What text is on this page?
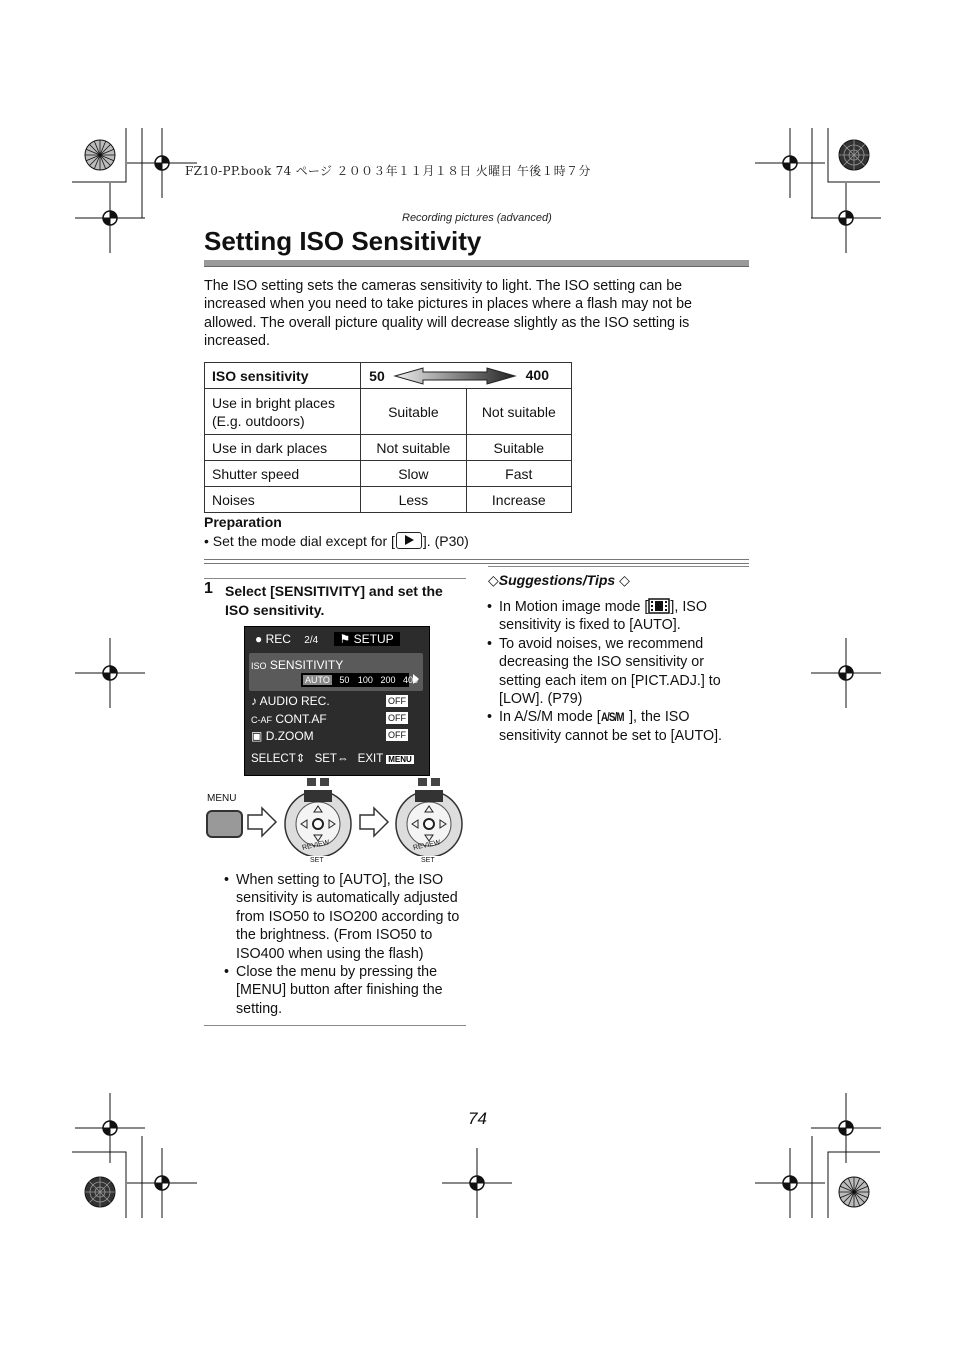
FZ10-PP.book 74 ページ ２００３年１１月１８日 火曜日 午後１時７分
Recording pictures (advanced)
Setting ISO Sensitivity

The ISO setting sets the cameras sensitivity to light. The ISO setting can be increased when you need to take pictures in places where a flash may not be allowed. The overall picture quality will decrease slightly as the ISO setting is increased.

ISO sensitivity	50 400	

Use in bright places (E.g. outdoors)	Suitable	Not suitable
Use in dark places	Not suitable	Suitable
Shutter speed	Slow	Fast
Noises	Less	Increase
Preparation
• Set the mode dial except for [ ]. (P30)
1 Select [SENSITIVITY] and set the ISO sensitivity.
● REC 2/4 ⚑ SETUP
ISO SENSITIVITY
AUTO 50 100 200 400
♪ AUDIO REC.	OFF
C-AF CONT.AF	OFF
▣ D.ZOOM	OFF
SELECT⇕ SET⇔ EXIT MENU
MENU
REVIEW
SET
REVIEW
SET
• When setting to [AUTO], the ISO sensitivity is automatically adjusted from ISO50 to ISO200 according to the brightness. (From ISO50 to ISO400 when using the flash)
• Close the menu by pressing the [MENU] button after finishing the setting.
◇Suggestions/Tips ◇
• In Motion image mode [ ], ISO sensitivity is fixed to [AUTO].
• To avoid noises, we recommend decreasing the ISO sensitivity or setting each item on [PICT.ADJ.] to [LOW]. (P79)
• In A/S/M mode [A/S/M ], the ISO sensitivity cannot be set to [AUTO].
74
